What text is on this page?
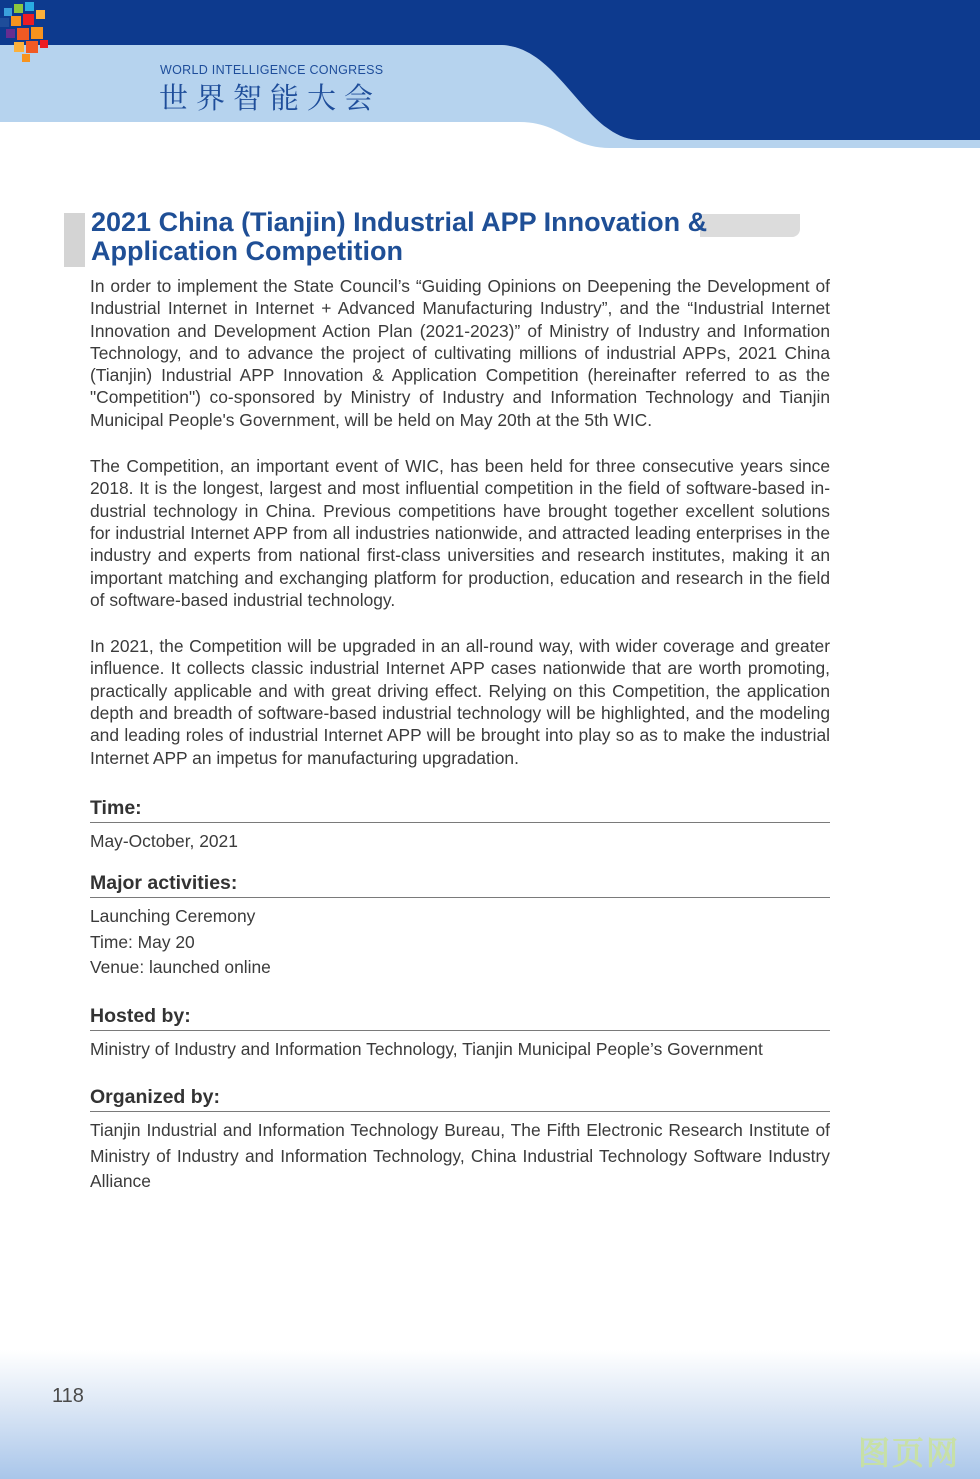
WORLD INTELLIGENCE CONGRESS
世界智能大会
2021 China (Tianjin) Industrial APP Innovation & Application Competition

In order to implement the State Council’s “Guiding Opinions on Deepening the Development of Industrial Internet in Internet + Advanced Manufacturing Industry”, and the “Industrial Internet Innovation and Development Action Plan (2021-2023)” of Ministry of Industry and Information Technology, and to advance the project of cultivating millions of industrial APPs, 2021 China (Tianjin) Industrial APP Innovation & Application Competition (hereinafter referred to as the "Competition") co-sponsored by Ministry of Industry and Information Technology and Tianjin Municipal People's Government, will be held on May 20th at the 5th WIC.

The Competition, an important event of WIC, has been held for three consecutive years since 2018. It is the longest, largest and most influential competition in the field of software-based industrial technology in China. Previous competitions have brought together excellent solutions for industrial Internet APP from all industries nationwide, and attracted leading enterprises in the industry and experts from national first-class universities and research institutes, making it an important matching and exchanging platform for production, education and research in the field of software-based industrial technology.

In 2021, the Competition will be upgraded in an all-round way, with wider coverage and greater influence. It collects classic industrial Internet APP cases nationwide that are worth promoting, practically applicable and with great driving effect. Relying on this Competition, the application depth and breadth of software-based industrial technology will be highlighted, and the modeling and leading roles of industrial Internet APP will be brought into play so as to make the industrial Internet APP an impetus for manufacturing upgradation.

Time:
May-October, 2021
Major activities:
Launching Ceremony
Time: May 20
Venue: launched online
Hosted by:
Ministry of Industry and Information Technology, Tianjin Municipal People’s Government
Organized by:
Tianjin Industrial and Information Technology Bureau, The Fifth Electronic Research Institute of Ministry of Industry and Information Technology, China Industrial Technology Software Industry Alliance
118
图页网
